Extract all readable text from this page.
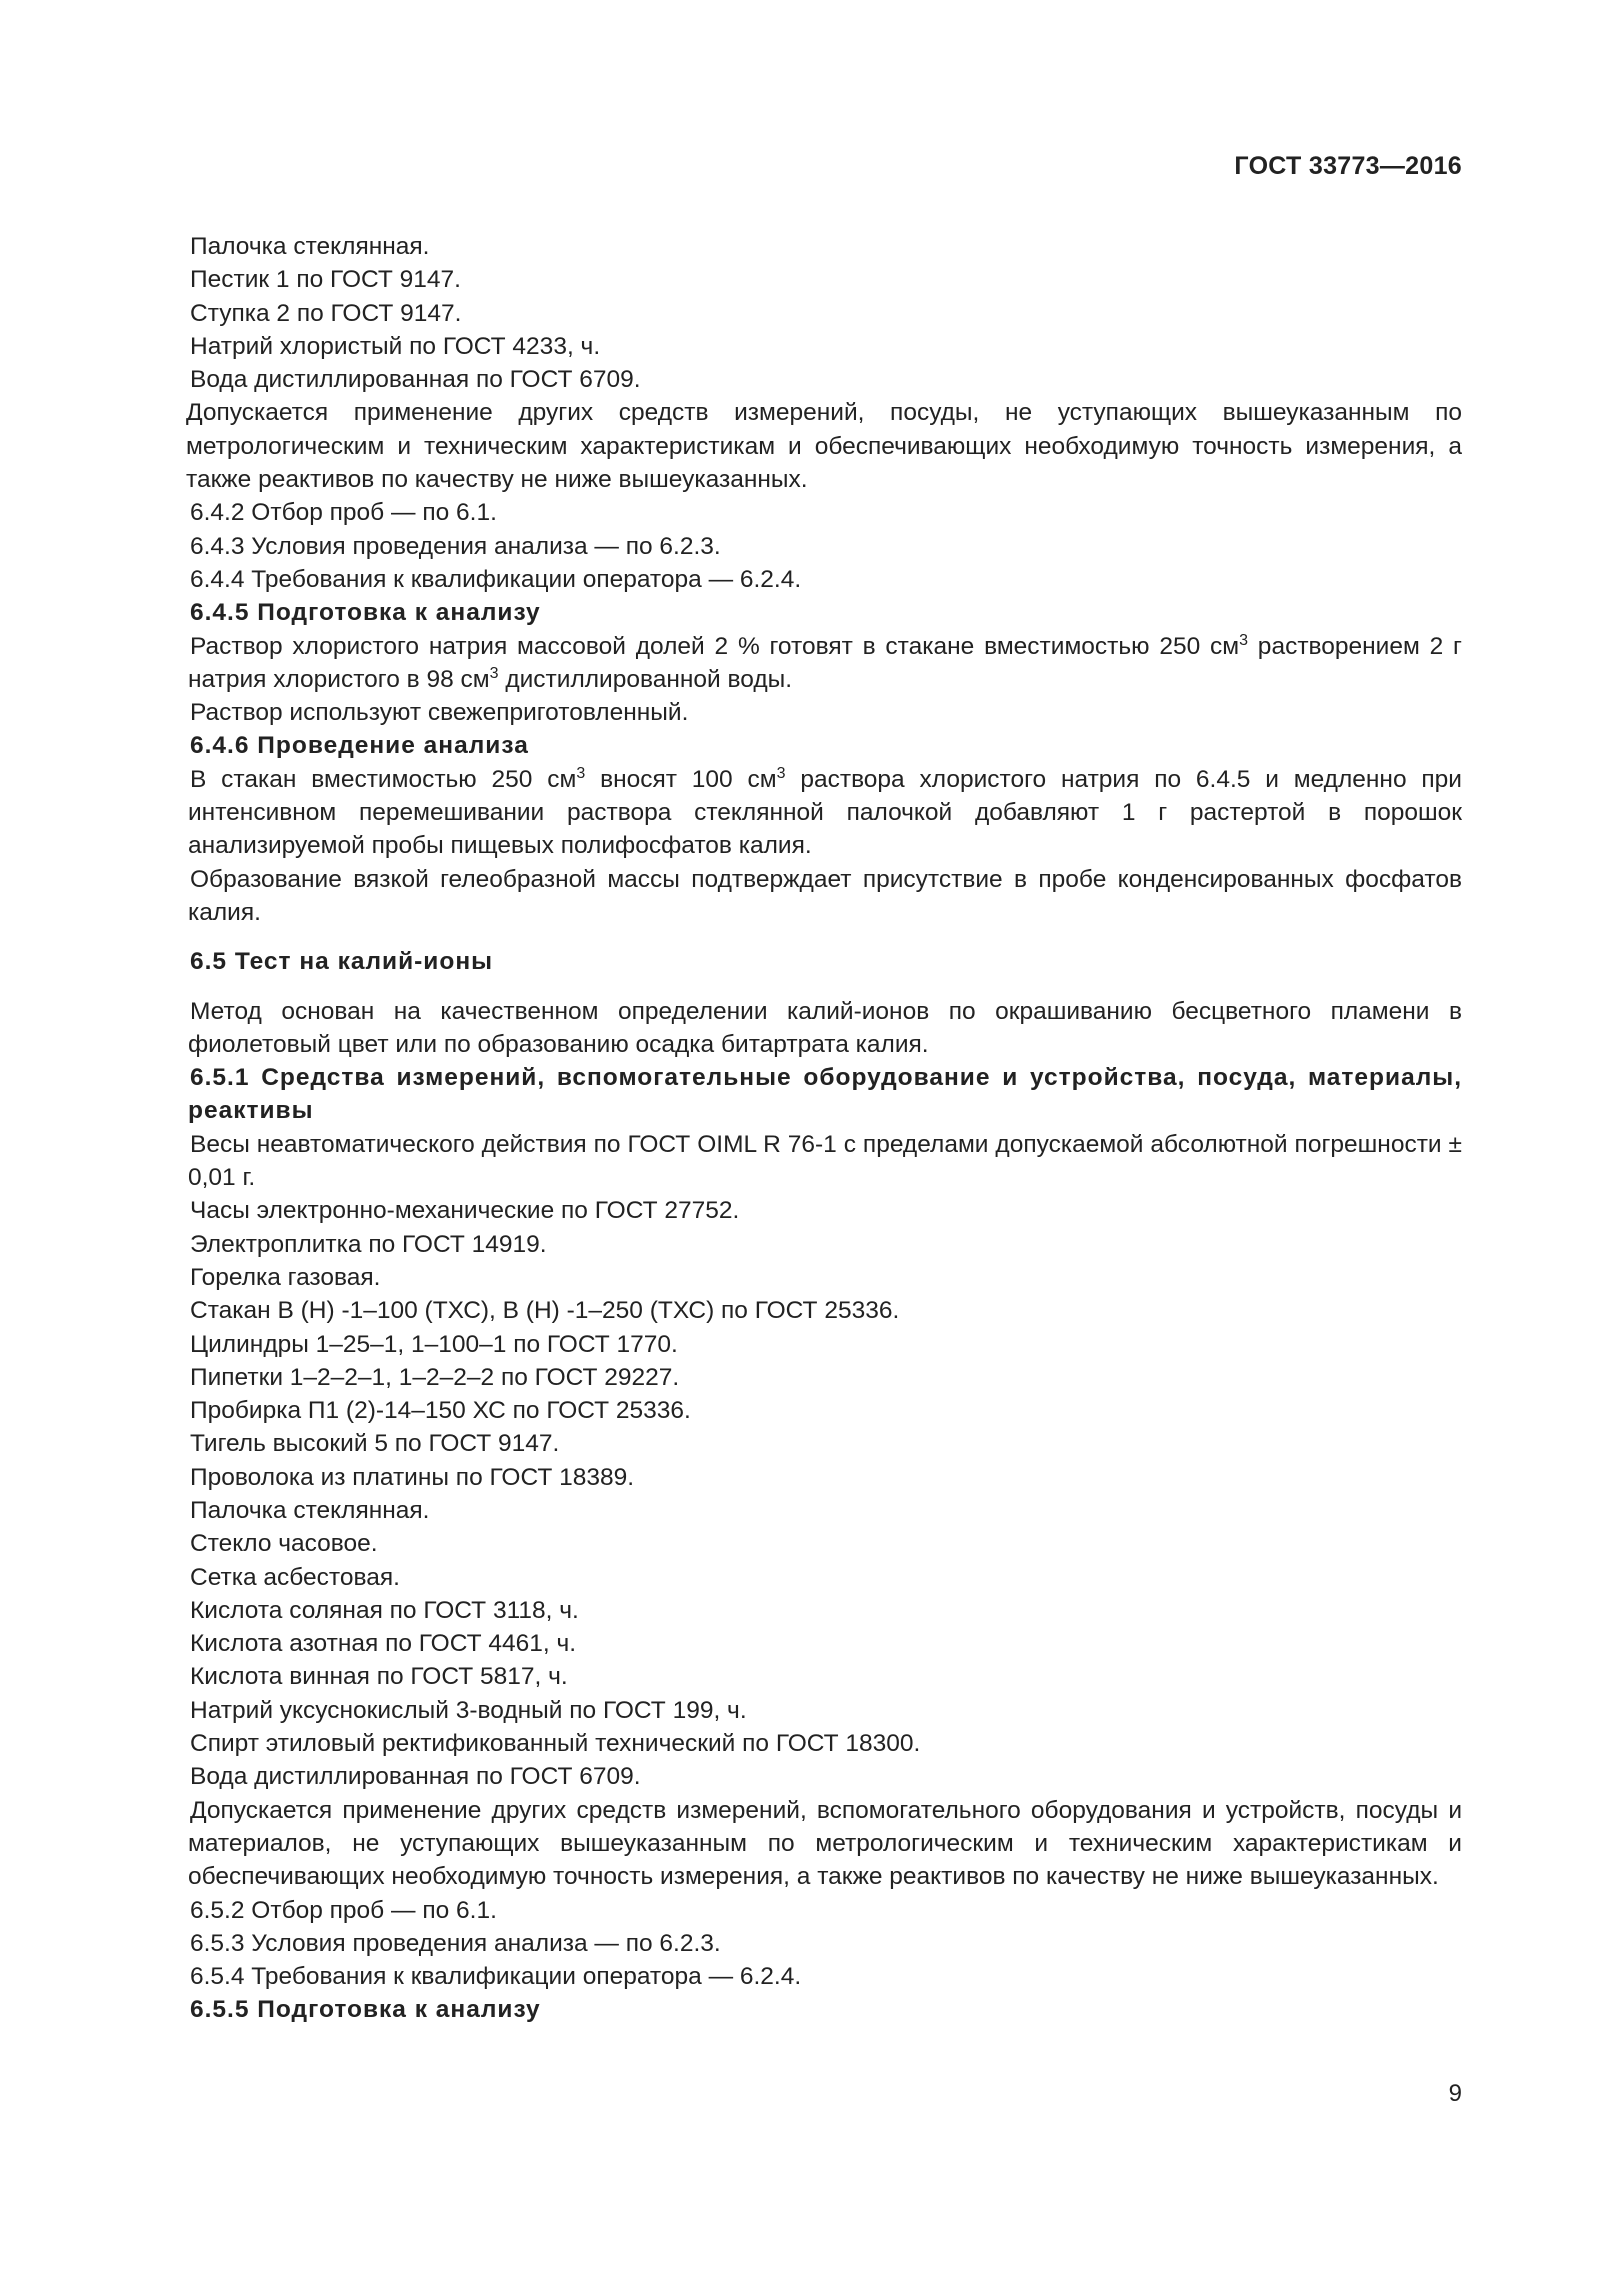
ГОСТ 33773—2016

Палочка стеклянная.

Пестик 1 по ГОСТ 9147.

Ступка 2 по ГОСТ 9147.

Натрий хлористый по ГОСТ 4233, ч.

Вода дистиллированная по ГОСТ 6709.

Допускается применение других средств измерений, посуды, не уступающих вышеуказанным по метрологическим и техническим характеристикам и обеспечивающих необходимую точность измерения, а также реактивов по качеству не ниже вышеуказанных.

6.4.2 Отбор проб — по 6.1.

6.4.3 Условия проведения анализа — по 6.2.3.

6.4.4 Требования к квалификации оператора — 6.2.4.

6.4.5 Подготовка к анализу

Раствор хлористого натрия массовой долей 2 % готовят в стакане вместимостью 250 $см^3$ растворением 2 г натрия хлористого в 98 $см^3$ дистиллированной воды.

Раствор используют свежеприготовленный.

6.4.6 Проведение анализа

В стакан вместимостью 250 $см^3$ вносят 100 $см^3$ раствора хлористого натрия по 6.4.5 и медленно при интенсивном перемешивании раствора стеклянной палочкой добавляют 1 г растертой в порошок анализируемой пробы пищевых полифосфатов калия.

Образование вязкой гелеобразной массы подтверждает присутствие в пробе конденсированных фосфатов калия.

6.5 Тест на калий-ионы

Метод основан на качественном определении калий-ионов по окрашиванию бесцветного пламени в фиолетовый цвет или по образованию осадка битартрата калия.

6.5.1 Средства измерений, вспомогательные оборудование и устройства, посуда, материалы, реактивы

Весы неавтоматического действия по ГОСТ OIML R 76-1 с пределами допускаемой абсолютной погрешности ± 0,01 г.

Часы электронно-механические по ГОСТ 27752.

Электроплитка по ГОСТ 14919.

Горелка газовая.

Стакан В (Н) -1–100 (ТХС), В (Н) -1–250 (ТХС) по ГОСТ 25336.

Цилиндры 1–25–1, 1–100–1 по ГОСТ 1770.

Пипетки 1–2–2–1, 1–2–2–2 по ГОСТ 29227.

Пробирка П1 (2)-14–150 ХС по ГОСТ 25336.

Тигель высокий 5 по ГОСТ 9147.

Проволока из платины по ГОСТ 18389.

Палочка стеклянная.

Стекло часовое.

Сетка асбестовая.

Кислота соляная по ГОСТ 3118, ч.

Кислота азотная по ГОСТ 4461, ч.

Кислота винная по ГОСТ 5817, ч.

Натрий уксуснокислый 3-водный по ГОСТ 199, ч.

Спирт этиловый ректификованный технический по ГОСТ 18300.

Вода дистиллированная по ГОСТ 6709.

Допускается применение других средств измерений, вспомогательного оборудования и устройств, посуды и материалов, не уступающих вышеуказанным по метрологическим и техническим характеристикам и обеспечивающих необходимую точность измерения, а также реактивов по качеству не ниже вышеуказанных.

6.5.2 Отбор проб — по 6.1.

6.5.3 Условия проведения анализа — по 6.2.3.

6.5.4 Требования к квалификации оператора — 6.2.4.

6.5.5 Подготовка к анализу

9
